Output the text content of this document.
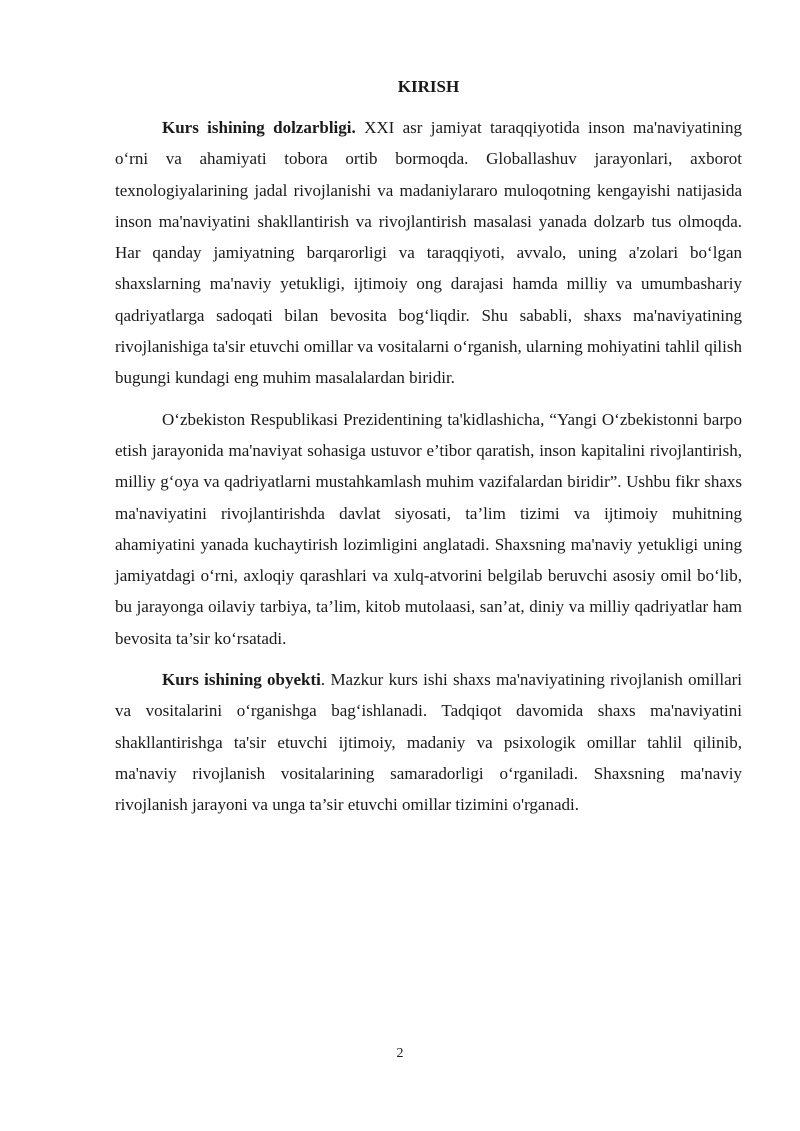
KIRISH

Kurs ishining dolzarbligi. XXI asr jamiyat taraqqiyotida inson ma'naviyatining o‘rni va ahamiyati tobora ortib bormoqda. Globallashuv jarayonlari, axborot texnologiyalarining jadal rivojlanishi va madaniylararo muloqotning kengayishi natijasida inson ma'naviyatini shakllantirish va rivojlantirish masalasi yanada dolzarb tus olmoqda. Har qanday jamiyatning barqarorligi va taraqqiyoti, avvalo, uning a'zolari bo‘lgan shaxslarning ma'naviy yetukligi, ijtimoiy ong darajasi hamda milliy va umumbashariy qadriyatlarga sadoqati bilan bevosita bog‘liqdir. Shu sababli, shaxs ma'naviyatining rivojlanishiga ta'sir etuvchi omillar va vositalarni o‘rganish, ularning mohiyatini tahlil qilish bugungi kundagi eng muhim masalalardan biridir.

O‘zbekiston Respublikasi Prezidentining ta'kidlashicha, “Yangi O‘zbekistonni barpo etish jarayonida ma'naviyat sohasiga ustuvor e’tibor qaratish, inson kapitalini rivojlantirish, milliy g‘oya va qadriyatlarni mustahkamlash muhim vazifalardan biridir”. Ushbu fikr shaxs ma'naviyatini rivojlantirishda davlat siyosati, ta’lim tizimi va ijtimoiy muhitning ahamiyatini yanada kuchaytirish lozimligini anglatadi. Shaxsning ma'naviy yetukligi uning jamiyatdagi o‘rni, axloqiy qarashlari va xulq-atvorini belgilab beruvchi asosiy omil bo‘lib, bu jarayonga oilaviy tarbiya, ta’lim, kitob mutolaasi, san’at, diniy va milliy qadriyatlar ham bevosita ta’sir ko‘rsatadi.

Kurs ishining obyekti. Mazkur kurs ishi shaxs ma'naviyatining rivojlanish omillari va vositalarini o‘rganishga bag‘ishlanadi. Tadqiqot davomida shaxs ma'naviyatini shakllantirishga ta'sir etuvchi ijtimoiy, madaniy va psixologik omillar tahlil qilinib, ma'naviy rivojlanish vositalarining samaradorligi o‘rganiladi. Shaxsning ma'naviy rivojlanish jarayoni va unga ta’sir etuvchi omillar tizimini o'rganadi.

2
